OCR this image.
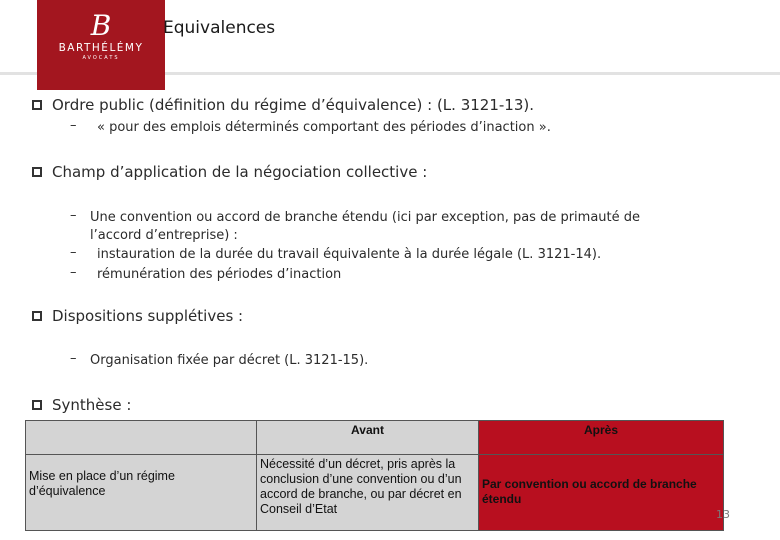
B
BARTHÉLÉMY
AVOCATS
Equivalences
Ordre public (définition du régime d’équivalence) : (L. 3121-13).
– « pour des emplois déterminés comportant des périodes d’inaction ».
Champ d’application de la négociation collective :
– Une convention ou accord de branche étendu (ici par exception, pas de primauté de
l’accord d’entreprise) :
– instauration de la durée du travail équivalente à la durée légale (L. 3121-14).
– rémunération des périodes d’inaction
Dispositions supplétives :
– Organisation fixée par décret (L. 3121-15).
Synthèse :
	Avant	Après
Mise en place d’un régime d’équivalence	Nécessité d’un décret, pris après la conclusion d’une convention ou d’un accord de branche, ou par décret en Conseil d’Etat	Par convention ou accord de branche étendu
13
